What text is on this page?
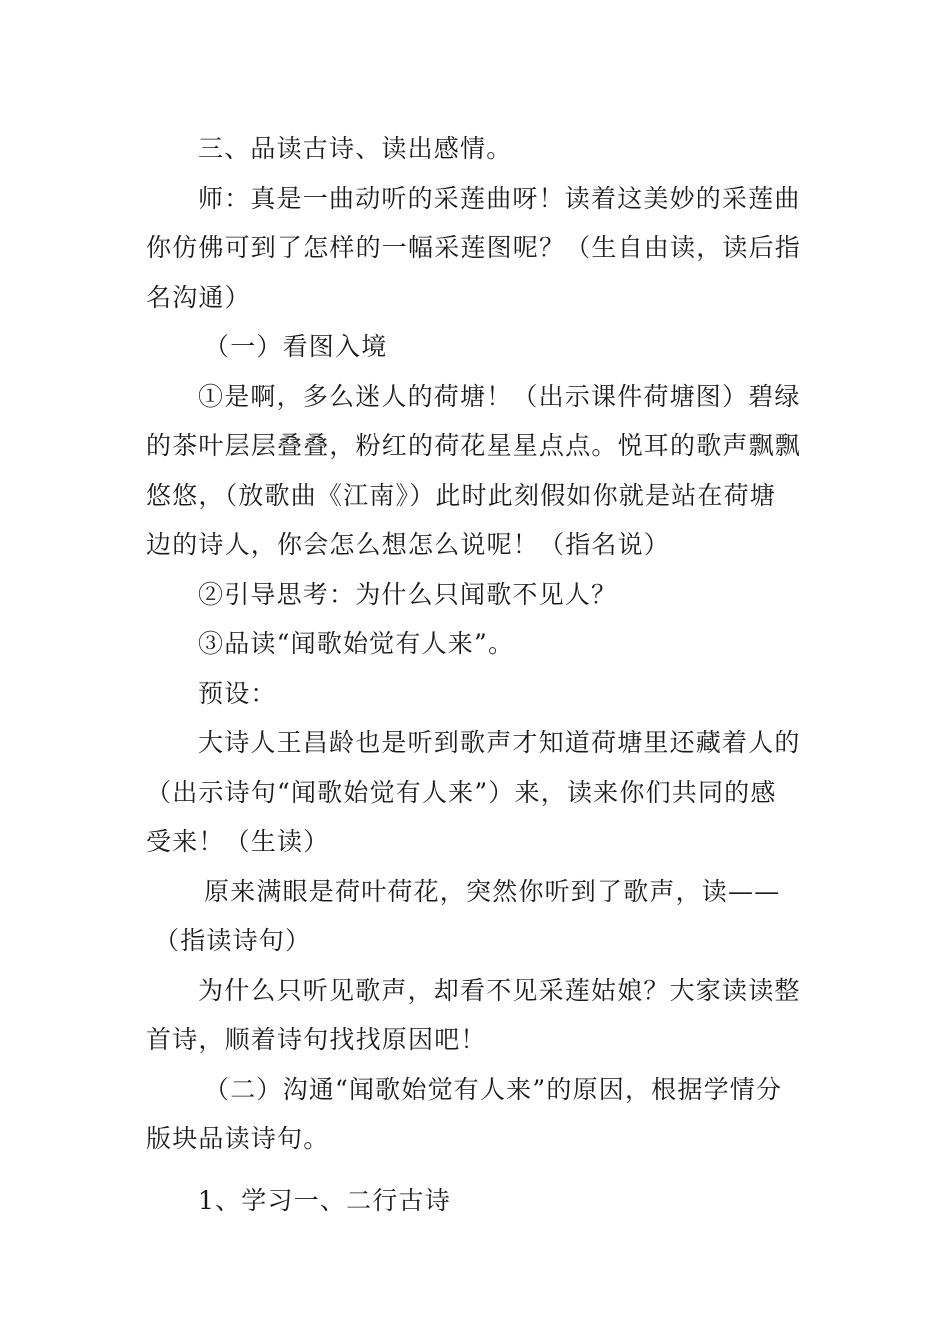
三、品读古诗、读出感情。
师：真是一曲动听的采莲曲呀！读着这美妙的采莲曲
你仿佛可到了怎样的一幅采莲图呢？（生自由读，读后指
名沟通）
（一）看图入境
①是啊，多么迷人的荷塘！（出示课件荷塘图）碧绿
的茶叶层层叠叠，粉红的荷花星星点点。悦耳的歌声飘飘
悠悠，（放歌曲《江南》）此时此刻假如你就是站在荷塘
边的诗人，你会怎么想怎么说呢！（指名说）
②引导思考：为什么只闻歌不见人？
③品读“闻歌始觉有人来”。
预设：
大诗人王昌龄也是听到歌声才知道荷塘里还藏着人的
（出示诗句“闻歌始觉有人来”）来，读来你们共同的感
受来！（生读）
原来满眼是荷叶荷花，突然你听到了歌声，读——
（指读诗句）
为什么只听见歌声，却看不见采莲姑娘？大家读读整
首诗，顺着诗句找找原因吧！
（二）沟通“闻歌始觉有人来”的原因，根据学情分
版块品读诗句。
1、学习一、二行古诗
